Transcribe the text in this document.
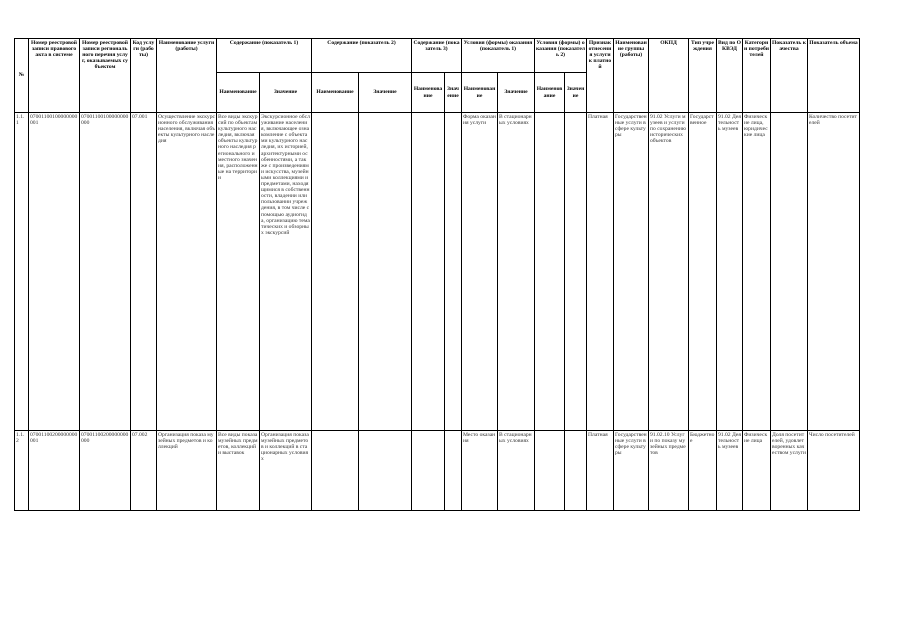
№	Номер реестровой записи правового акта в системе	Номер реестровой записи регионального перечня услуг, оказываемых субъектом	Код услуги (работы)	Наименование услуги (работы)	Содержание (показатель 1)		Содержание (показатель 2)		Содержание (показатель 3)		Условия (формы) оказания (показатель 1)		Условия (формы) оказания (показатель 2)		Признак отнесения услуги к платной	Наименование группы (работы)	ОКПД	Тип учреждения	Вид по ОКВЭД	Категории потребителей	Показатель качества	Показатель объема
					Наименование	Значение	Наименование	Значение	Наименование	Значение	Наименование	Значение	Наименование	Значение								
1.1.1	07001100100000000001	07001100100000000000	07.001	Осуществление экскурсионного обслуживания населения, включая объекты культурного наследия	Все виды экскурсий по объектам культурного наследия, включая объекты культурного наследия регионального и местного значения, расположенные на территории	Экскурсионное обслуживание населения, включающее ознакомление с объектами культурного наследия, их историей, архитектурными особенностями, а также с произведениями искусства, музейными коллекциями и предметами, находящимися в собственности, владении или пользовании учреждения, в том числе с помощью аудиогида, организацию тематических и обзорных экскурсий					Форма оказания услуги	В стационарных условиях			Платная	Государственные услуги в сфере культуры	91.02 Услуги музеев и услуги по сохранению исторических объектов	Государственное	91.02 Деятельность музеев	Физические лица, юридические лица		Количество посетителей
1.1.2	07001100200000000001	07001100200000000000	07.002	Организация показа музейных предметов и коллекций	Все виды показа музейных предметов, коллекций и выставок	Организация показа музейных предметов и коллекций в стационарных условиях					Место оказания	В стационарных условиях			Платная	Государственные услуги в сфере культуры	91.02.10 Услуги по показу музейных предметов	Бюджетное	91.02 Деятельность музеев	Физические лица	Доля посетителей, удовлетворенных качеством услуги	Число посетителей
